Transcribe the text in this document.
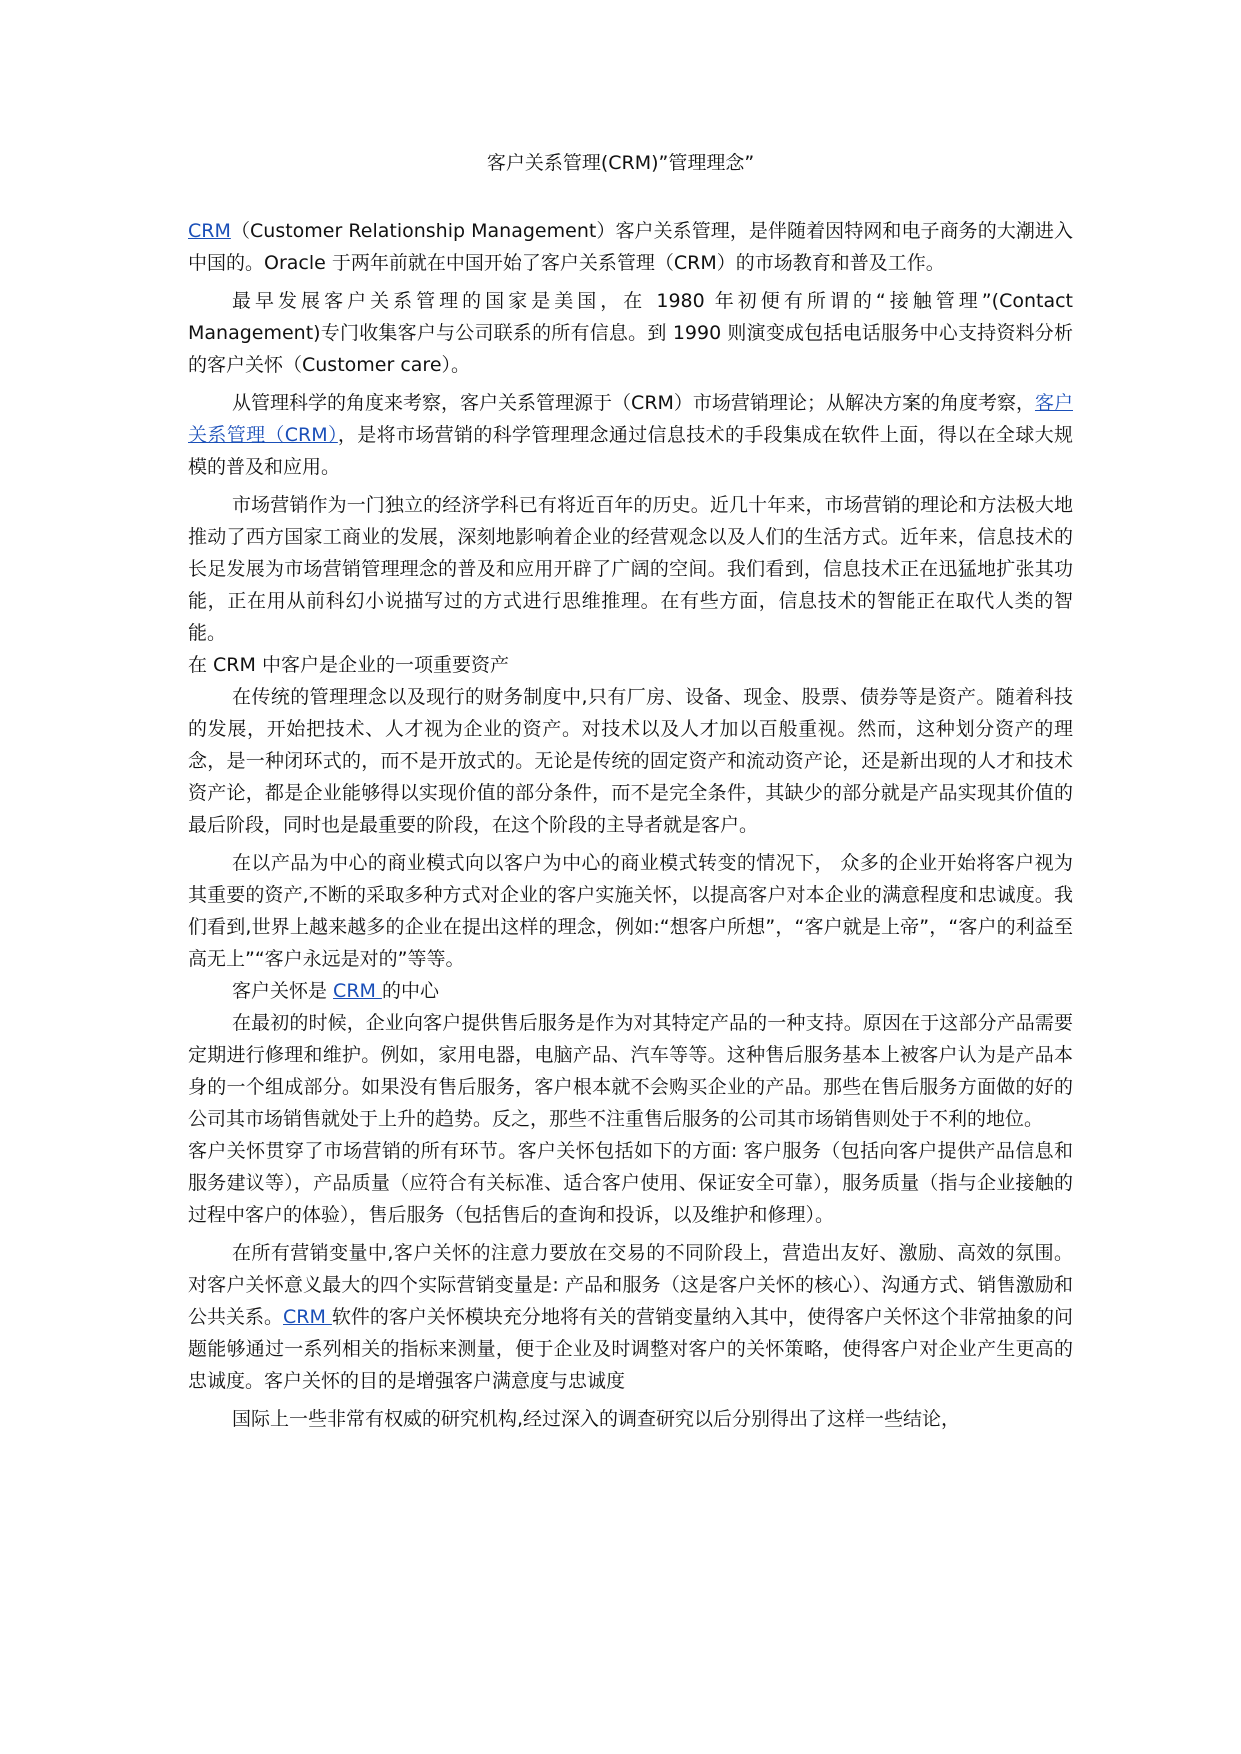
客户关系管理(CRM)”管理理念”

CRM（Customer Relationship Management）客户关系管理，是伴随着因特网和电子商务的大潮进入中国的。Oracle 于两年前就在中国开始了客户关系管理（CRM）的市场教育和普及工作。

最早发展客户关系管理的国家是美国，在 1980 年初便有所谓的“接触管理”(Contact Management)专门收集客户与公司联系的所有信息。到 1990 则演变成包括电话服务中心支持资料分析的客户关怀（Customer care）。

从管理科学的角度来考察，客户关系管理源于（CRM）市场营销理论；从解决方案的角度考察，客户关系管理（CRM），是将市场营销的科学管理理念通过信息技术的手段集成在软件上面，得以在全球大规模的普及和应用。

市场营销作为一门独立的经济学科已有将近百年的历史。近几十年来，市场营销的理论和方法极大地推动了西方国家工商业的发展，深刻地影响着企业的经营观念以及人们的生活方式。近年来，信息技术的长足发展为市场营销管理理念的普及和应用开辟了广阔的空间。我们看到，信息技术正在迅猛地扩张其功能，正在用从前科幻小说描写过的方式进行思维推理。在有些方面，信息技术的智能正在取代人类的智能。

在 CRM 中客户是企业的一项重要资产

在传统的管理理念以及现行的财务制度中,只有厂房、设备、现金、股票、债券等是资产。随着科技的发展，开始把技术、人才视为企业的资产。对技术以及人才加以百般重视。然而，这种划分资产的理念，是一种闭环式的，而不是开放式的。无论是传统的固定资产和流动资产论，还是新出现的人才和技术资产论，都是企业能够得以实现价值的部分条件，而不是完全条件，其缺少的部分就是产品实现其价值的最后阶段，同时也是最重要的阶段，在这个阶段的主导者就是客户。

在以产品为中心的商业模式向以客户为中心的商业模式转变的情况下， 众多的企业开始将客户视为其重要的资产,不断的采取多种方式对企业的客户实施关怀，以提高客户对本企业的满意程度和忠诚度。我们看到,世界上越来越多的企业在提出这样的理念，例如:“想客户所想”，“客户就是上帝”，“客户的利益至高无上”“客户永远是对的”等等。

客户关怀是 CRM 的中心

在最初的时候，企业向客户提供售后服务是作为对其特定产品的一种支持。原因在于这部分产品需要定期进行修理和维护。例如，家用电器，电脑产品、汽车等等。这种售后服务基本上被客户认为是产品本身的一个组成部分。如果没有售后服务，客户根本就不会购买企业的产品。那些在售后服务方面做的好的公司其市场销售就处于上升的趋势。反之，那些不注重售后服务的公司其市场销售则处于不利的地位。

客户关怀贯穿了市场营销的所有环节。客户关怀包括如下的方面: 客户服务（包括向客户提供产品信息和服务建议等），产品质量（应符合有关标准、适合客户使用、保证安全可靠），服务质量（指与企业接触的过程中客户的体验），售后服务（包括售后的查询和投诉，以及维护和修理）。

在所有营销变量中,客户关怀的注意力要放在交易的不同阶段上，营造出友好、激励、高效的氛围。对客户关怀意义最大的四个实际营销变量是: 产品和服务（这是客户关怀的核心）、沟通方式、销售激励和公共关系。CRM 软件的客户关怀模块充分地将有关的营销变量纳入其中，使得客户关怀这个非常抽象的问题能够通过一系列相关的指标来测量，便于企业及时调整对客户的关怀策略，使得客户对企业产生更高的忠诚度。客户关怀的目的是增强客户满意度与忠诚度

国际上一些非常有权威的研究机构,经过深入的调查研究以后分别得出了这样一些结论，
